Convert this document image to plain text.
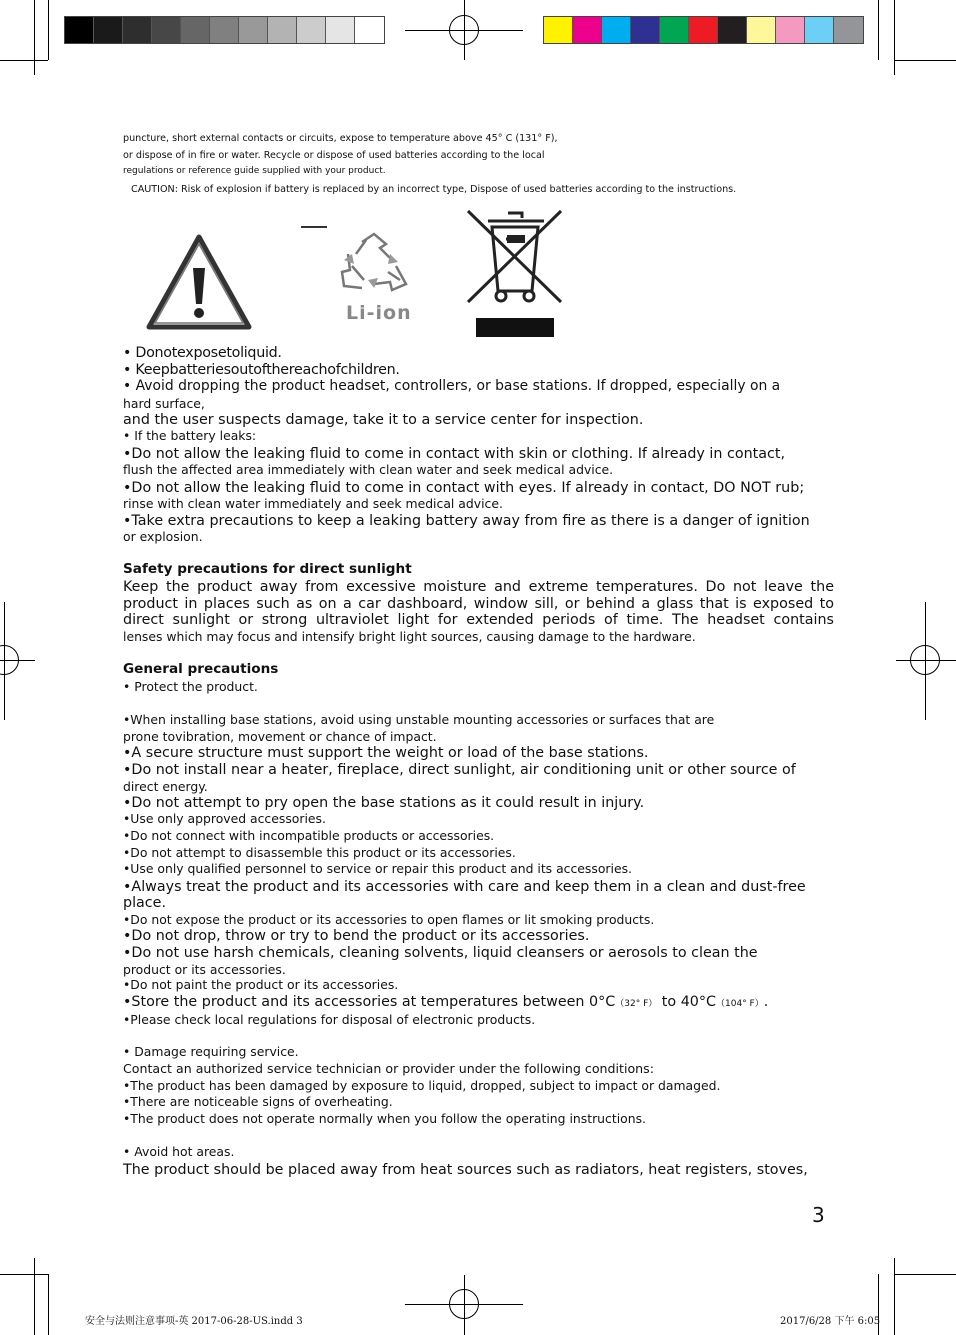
puncture, short external contacts or circuits, expose to temperature above 45° C (131° F),
or dispose of in fire or water. Recycle or dispose of used batteries according to the local
regulations or reference guide supplied with your product.
CAUTION: Risk of explosion if battery is replaced by an incorrect type, Dispose of used batteries according to the instructions.
Li-ion
• Donotexposetoliquid.
• Keepbatteriesoutofthereachofchildren.
• Avoid dropping the product headset, controllers, or base stations. If dropped, especially on a
hard surface,
and the user suspects damage, take it to a service center for inspection.
• If the battery leaks:
•Do not allow the leaking fluid to come in contact with skin or clothing. If already in contact,
flush the affected area immediately with clean water and seek medical advice.
•Do not allow the leaking fluid to come in contact with eyes. If already in contact, DO NOT rub;
rinse with clean water immediately and seek medical advice.
•Take extra precautions to keep a leaking battery away from fire as there is a danger of ignition
or explosion.
Safety precautions for direct sunlight
Keep the product away from excessive moisture and extreme temperatures. Do not leave the
product in places such as on a car dashboard, window sill, or behind a glass that is exposed to
direct sunlight or strong ultraviolet light for extended periods of time. The headset contains
lenses which may focus and intensify bright light sources, causing damage to the hardware.
General precautions
• Protect the product.
•When installing base stations, avoid using unstable mounting accessories or surfaces that are
prone tovibration, movement or chance of impact.
•A secure structure must support the weight or load of the base stations.
•Do not install near a heater, fireplace, direct sunlight, air conditioning unit or other source of
direct energy.
•Do not attempt to pry open the base stations as it could result in injury.
•Use only approved accessories.
•Do not connect with incompatible products or accessories.
•Do not attempt to disassemble this product or its accessories.
•Use only qualified personnel to service or repair this product and its accessories.
•Always treat the product and its accessories with care and keep them in a clean and dust-free
place.
•Do not expose the product or its accessories to open flames or lit smoking products.
•Do not drop, throw or try to bend the product or its accessories.
•Do not use harsh chemicals, cleaning solvents, liquid cleansers or aerosols to clean the
product or its accessories.
•Do not paint the product or its accessories.
•Store the product and its accessories at temperatures between 0°C（32° F） to 40°C（104° F）.
•Please check local regulations for disposal of electronic products.
• Damage requiring service.
Contact an authorized service technician or provider under the following conditions:
•The product has been damaged by exposure to liquid, dropped, subject to impact or damaged.
•There are noticeable signs of overheating.
•The product does not operate normally when you follow the operating instructions.
• Avoid hot areas.
The product should be placed away from heat sources such as radiators, heat registers, stoves,
3
安全与法则注意事项-英 2017-06-28-US.indd 3	2017/6/28 下午 6:05
